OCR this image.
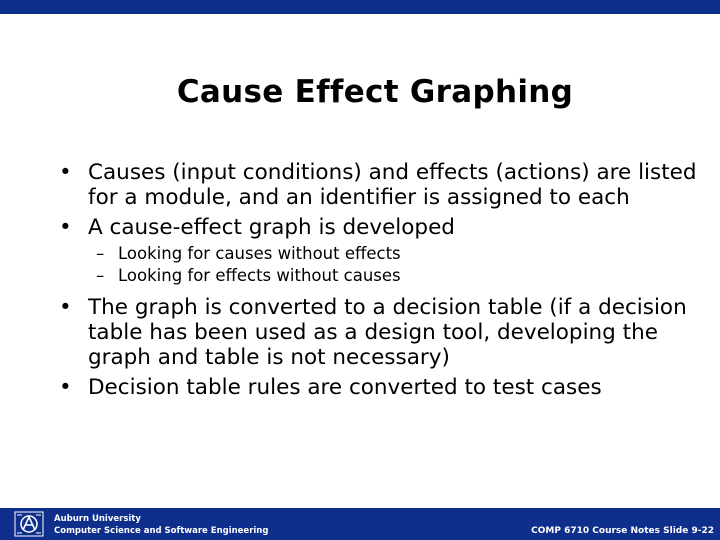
Cause Effect Graphing
• Causes (input conditions) and effects (actions) are listed for a module, and an identifier is assigned to each
• A cause-effect graph is developed
– Looking for causes without effects
– Looking for effects without causes
• The graph is converted to a decision table (if a decision table has been used as a design tool, developing the graph and table is not necessary)
• Decision table rules are converted to test cases
Auburn University
Computer Science and Software Engineering	COMP 6710 Course Notes Slide 9-22
